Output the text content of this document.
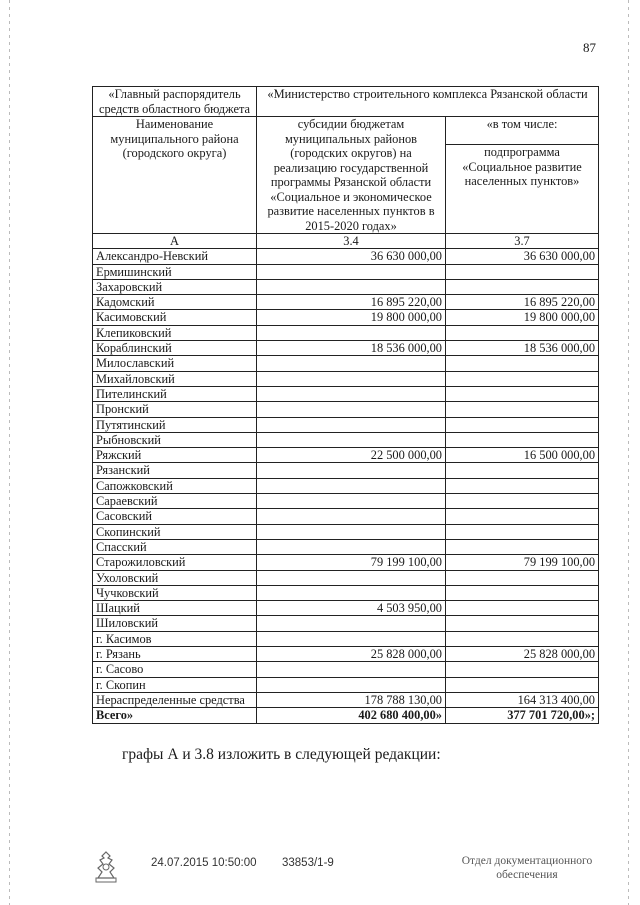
87
«Главный распорядитель средств областного бюджета	«Министерство строительного комплекса Рязанской области	
Наименование муниципального района (городского округа)	субсидии бюджетам муниципальных районов (городских округов) на реализацию государственной программы Рязанской области «Социальное и экономическое развитие населенных пунктов в 2015-2020 годах»	«в том числе:
		подпрограмма «Социальное развитие населенных пунктов»
А	3.4	3.7
Александро-Невский	36 630 000,00	36 630 000,00
Ермишинский		
Захаровский		
Кадомский	16 895 220,00	16 895 220,00
Касимовский	19 800 000,00	19 800 000,00
Клепиковский		
Кораблинский	18 536 000,00	18 536 000,00
Милославский		
Михайловский		
Пителинский		
Пронский		
Путятинский		
Рыбновский		
Ряжский	22 500 000,00	16 500 000,00
Рязанский		
Сапожковский		
Сараевский		
Сасовский		
Скопинский		
Спасский		
Старожиловский	79 199 100,00	79 199 100,00
Ухоловский		
Чучковский		
Шацкий	4 503 950,00	
Шиловский		
г. Касимов		
г. Рязань	25 828 000,00	25 828 000,00
г. Сасово		
г. Скопин		
Нераспределенные средства	178 788 130,00	164 313 400,00
Всего»	402 680 400,00»	377 701 720,00»;
графы А и 3.8 изложить в следующей редакции:
24.07.2015 10:50:00 33853/1-9	Отдел документационного
обеспечения
